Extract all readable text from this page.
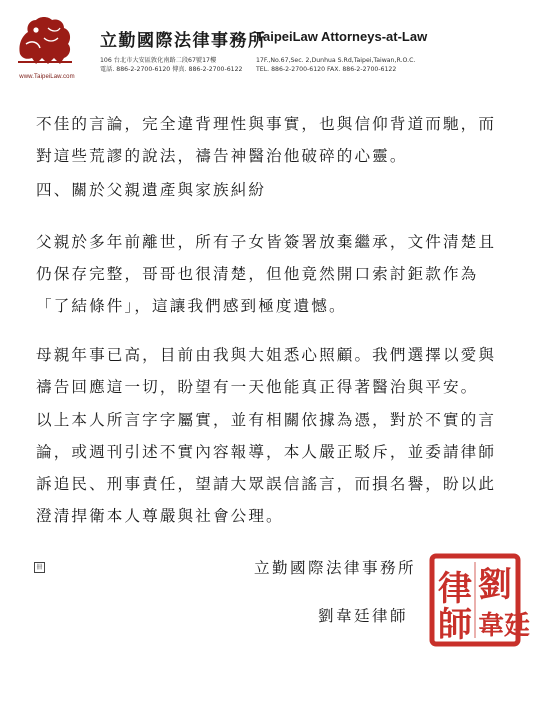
www.TaipeiLaw.com
立勤國際法律事務所
TaipeiLaw Attorneys-at-Law
106 台北市大安區敦化南路二段67號17樓
電話. 886-2-2700-6120 傳真. 886-2-2700-6122
17F.,No.67,Sec. 2,Dunhua S.Rd,Taipei,Taiwan,R.O.C.
TEL. 886-2-2700-6120 FAX. 886-2-2700-6122

不佳的言論，完全違背理性與事實，也與信仰背道而馳，而對這些荒謬的說法，禱告神醫治他破碎的心靈。

四、關於父親遺產與家族糾紛

父親於多年前離世，所有子女皆簽署放棄繼承，文件清楚且仍保存完整，哥哥也很清楚，但他竟然開口索討鉅款作為「了結條件」，這讓我們感到極度遺憾。

母親年事已高，目前由我與大姐悉心照顧。我們選擇以愛與禱告回應這一切，盼望有一天他能真正得著醫治與平安。

以上本人所言字字屬實，並有相關依據為憑，對於不實的言論，或週刊引述不實內容報導，本人嚴正駁斥，並委請律師訴追民、刑事責任，望請大眾誤信謠言，而損名譽，盼以此澄清捍衛本人尊嚴與社會公理。

卌	立勤國際法律事務所
劉韋廷律師
劉
韋廷
律
師
